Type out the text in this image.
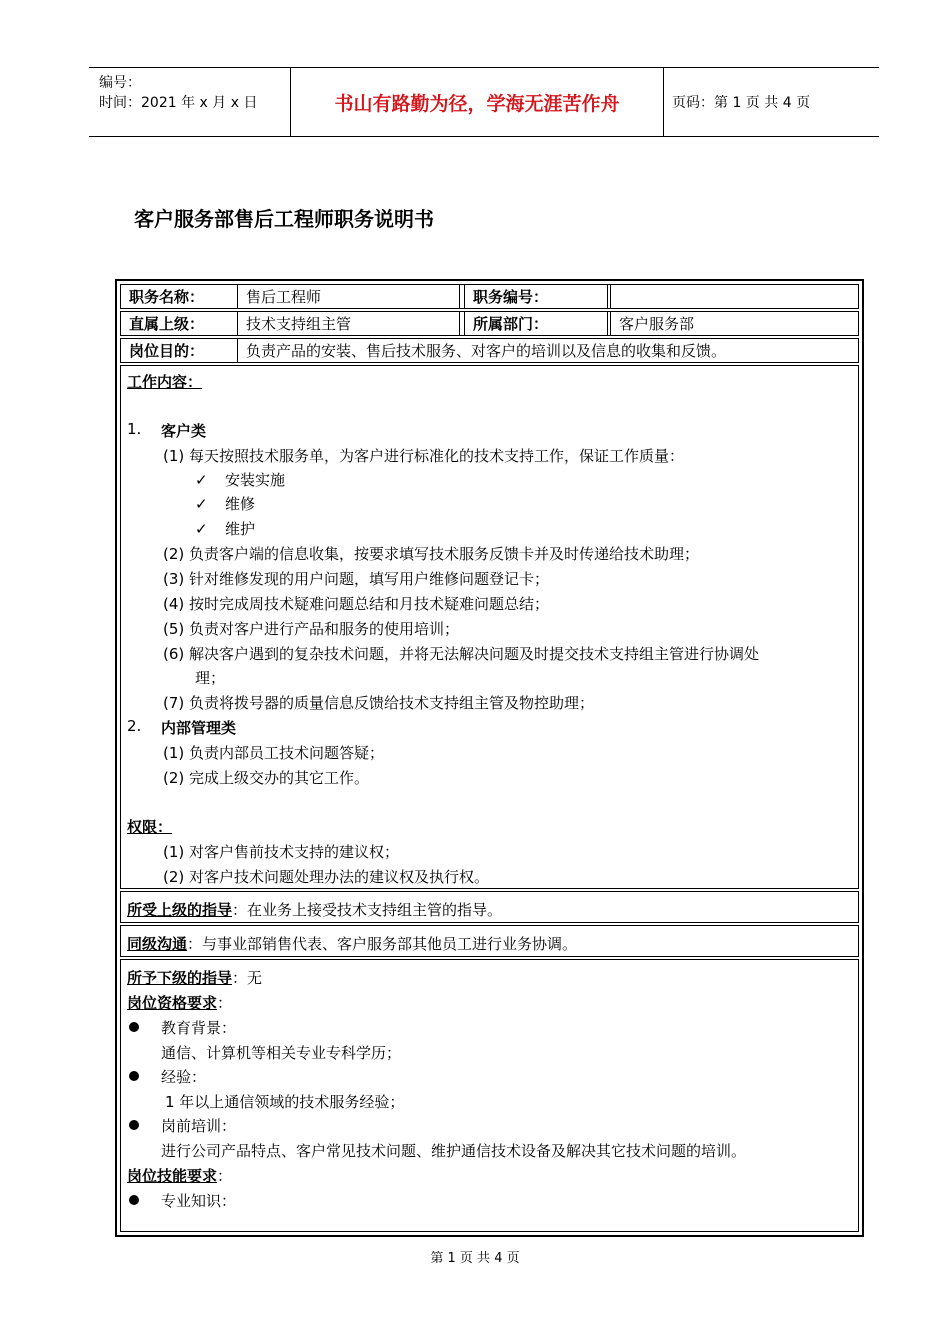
编号：
时间：2021 年 x 月 x 日	书山有路勤为径，学海无涯苦作舟	页码：第 1 页 共 4 页
客户服务部售后工程师职务说明书
职务名称：	售后工程师	职务编号：
直属上级：	技术支持组主管	所属部门：	客户服务部
岗位目的：	负责产品的安装、售后技术服务、对客户的培训以及信息的收集和反馈。
工作内容：
1. 客户类
(1) 每天按照技术服务单，为客户进行标准化的技术支持工作，保证工作质量：
✓ 安装实施
✓ 维修
✓ 维护
(2) 负责客户端的信息收集，按要求填写技术服务反馈卡并及时传递给技术助理；
(3) 针对维修发现的用户问题，填写用户维修问题登记卡；
(4) 按时完成周技术疑难问题总结和月技术疑难问题总结；
(5) 负责对客户进行产品和服务的使用培训；
(6) 解决客户遇到的复杂技术问题，并将无法解决问题及时提交技术支持组主管进行协调处
理；
(7) 负责将拨号器的质量信息反馈给技术支持组主管及物控助理；
2. 内部管理类
(1) 负责内部员工技术问题答疑；
(2) 完成上级交办的其它工作。
权限：
(1) 对客户售前技术支持的建议权；
(2) 对客户技术问题处理办法的建议权及执行权。
所受上级的指导：在业务上接受技术支持组主管的指导。
同级沟通：与事业部销售代表、客户服务部其他员工进行业务协调。
所予下级的指导：无
岗位资格要求：
教育背景：
通信、计算机等相关专业专科学历；
经验：
1 年以上通信领域的技术服务经验；
岗前培训：
进行公司产品特点、客户常见技术问题、维护通信技术设备及解决其它技术问题的培训。
岗位技能要求：
专业知识：
第 1 页 共 4 页
